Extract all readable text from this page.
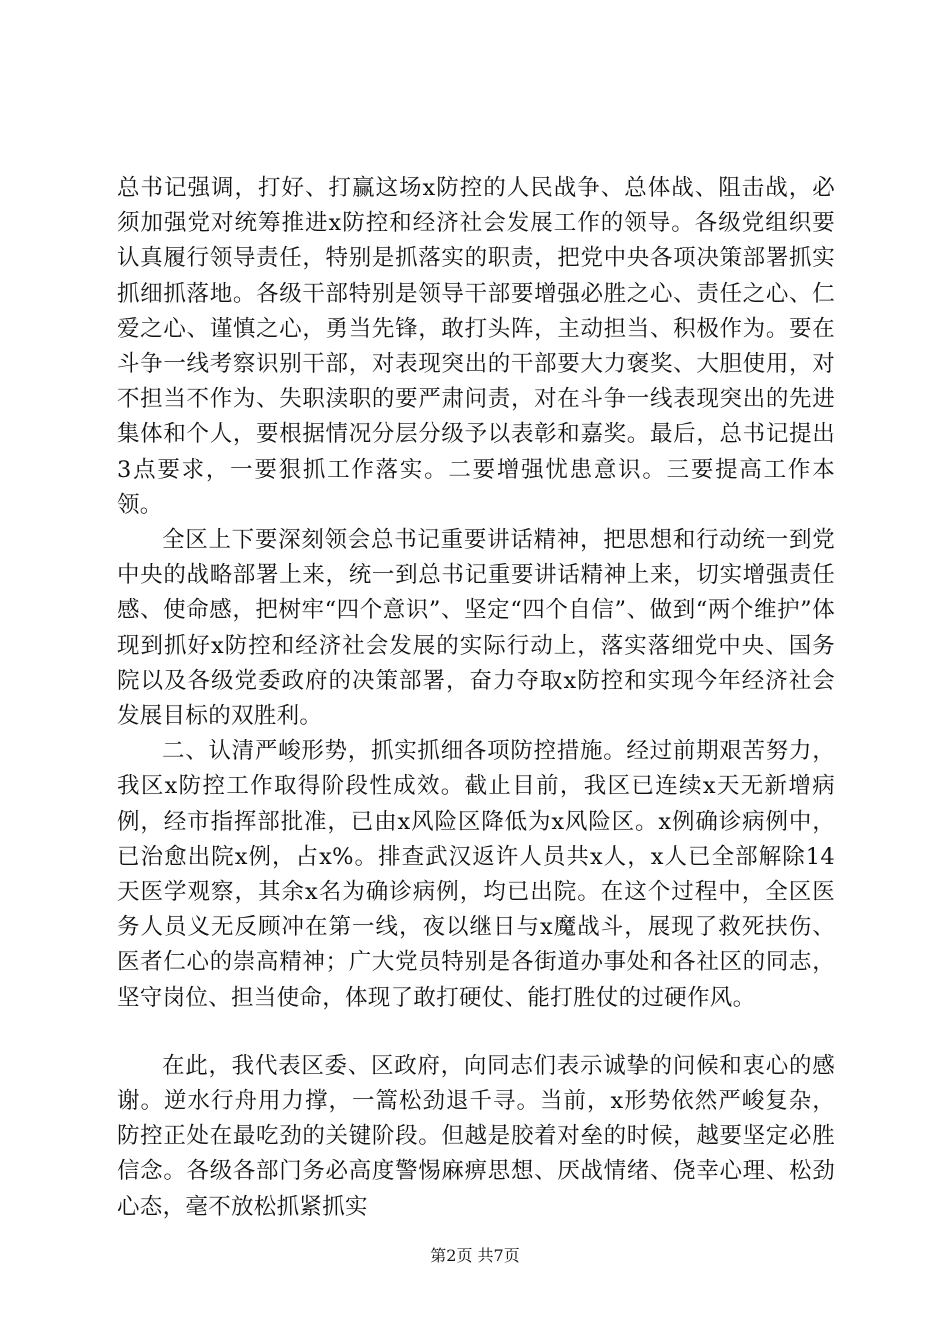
总书记强调，打好、打赢这场x防控的人民战争、总体战、阻击战，必须加强党对统筹推进x防控和经济社会发展工作的领导。各级党组织要认真履行领导责任，特别是抓落实的职责，把党中央各项决策部署抓实抓细抓落地。各级干部特别是领导干部要增强必胜之心、责任之心、仁爱之心、谨慎之心，勇当先锋，敢打头阵，主动担当、积极作为。要在斗争一线考察识别干部，对表现突出的干部要大力褒奖、大胆使用，对不担当不作为、失职渎职的要严肃问责，对在斗争一线表现突出的先进集体和个人，要根据情况分层分级予以表彰和嘉奖。最后，总书记提出3点要求，一要狠抓工作落实。二要增强忧患意识。三要提高工作本领。

全区上下要深刻领会总书记重要讲话精神，把思想和行动统一到党中央的战略部署上来，统一到总书记重要讲话精神上来，切实增强责任感、使命感，把树牢“四个意识”、坚定“四个自信”、做到“两个维护”体现到抓好x防控和经济社会发展的实际行动上，落实落细党中央、国务院以及各级党委政府的决策部署，奋力夺取x防控和实现今年经济社会发展目标的双胜利。

二、认清严峻形势，抓实抓细各项防控措施。经过前期艰苦努力，我区x防控工作取得阶段性成效。截止目前，我区已连续x天无新增病例，经市指挥部批准，已由x风险区降低为x风险区。x例确诊病例中，已治愈出院x例，占x%。排查武汉返许人员共x人，x人已全部解除14天医学观察，其余x名为确诊病例，均已出院。在这个过程中，全区医务人员义无反顾冲在第一线，夜以继日与x魔战斗，展现了救死扶伤、医者仁心的崇高精神；广大党员特别是各街道办事处和各社区的同志，坚守岗位、担当使命，体现了敢打硬仗、能打胜仗的过硬作风。

在此，我代表区委、区政府，向同志们表示诚挚的问候和衷心的感谢。逆水行舟用力撑，一篙松劲退千寻。当前，x形势依然严峻复杂，防控正处在最吃劲的关键阶段。但越是胶着对垒的时候，越要坚定必胜信念。各级各部门务必高度警惕麻痹思想、厌战情绪、侥幸心理、松劲心态，毫不放松抓紧抓实

第2页 共7页
